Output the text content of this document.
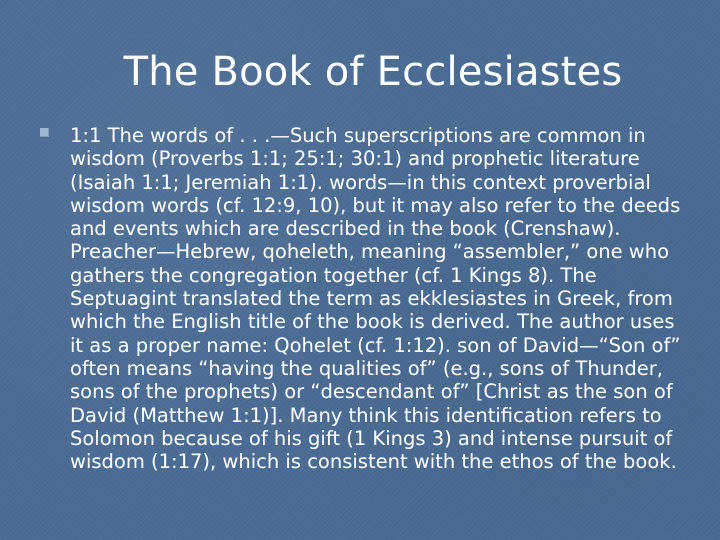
The Book of Ecclesiastes

1:1 The words of . . .—Such superscriptions are common in wisdom (Proverbs 1:1; 25:1; 30:1) and prophetic literature (Isaiah 1:1; Jeremiah 1:1). words—in this context proverbial wisdom words (cf. 12:9, 10), but it may also refer to the deeds and events which are described in the book (Crenshaw). Preacher—Hebrew, qoheleth, meaning “assembler,” one who gathers the congregation together (cf. 1 Kings 8). The Septuagint translated the term as ekklesiastes in Greek, from which the English title of the book is derived. The author uses it as a proper name: Qohelet (cf. 1:12). son of David—“Son of” often means “having the qualities of” (e.g., sons of Thunder, sons of the prophets) or “descendant of” [Christ as the son of David (Matthew 1:1)]. Many think this identification refers to Solomon because of his gift (1 Kings 3) and intense pursuit of wisdom (1:17), which is consistent with the ethos of the book.
